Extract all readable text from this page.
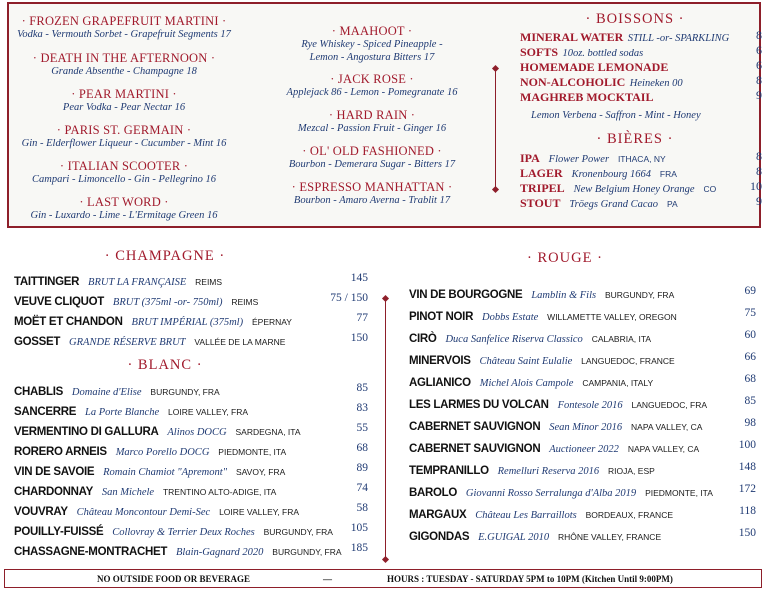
· FROZEN GRAPEFRUIT MARTINI ·
Vodka - Vermouth Sorbet - Grapefruit Segments 17
· DEATH IN THE AFTERNOON ·
Grande Absenthe - Champagne 18
· PEAR MARTINI ·
Pear Vodka - Pear Nectar 16
· PARIS ST. GERMAIN ·
Gin - Elderflower Liqueur - Cucumber - Mint 16
· ITALIAN SCOOTER ·
Campari - Limoncello - Gin - Pellegrino 16
· LAST WORD ·
Gin - Luxardo - Lime - L'Ermitage Green 16
· MAAHOOT ·
Rye Whiskey - Spiced Pineapple -
Lemon - Angostura Bitters 17
· JACK ROSE ·
Applejack 86 - Lemon - Pomegranate 16
· HARD RAIN ·
Mezcal - Passion Fruit - Ginger 16
· OL' OLD FASHIONED ·
Bourbon - Demerara Sugar - Bitters 17
· ESPRESSO MANHATTAN ·
Bourbon - Amaro Averna - Trablit 17
· BOISSONS ·
MINERAL WATER STILL -or- SPARKLING 8
SOFTS 10oz. bottled sodas	6
HOMEMADE LEMONADE	6
NON-ALCOHOLIC Heineken 00	8
MAGHREB MOCKTAIL	9
Lemon Verbena - Saffron - Mint - Honey
· BIÈRES ·
IPA Flower Power ITHACA, NY	8
LAGER Kronenbourg 1664 FRA	8
TRIPEL New Belgium Honey Orange CO	10
STOUT Tröegs Grand Cacao PA	9
· CHAMPAGNE ·
TAITTINGER BRUT LA FRANÇAISE REIMS	145
VEUVE CLIQUOT BRUT (375ml -or- 750ml) REIMS	75 / 150
MOËT ET CHANDON BRUT IMPÉRIAL (375ml) ÉPERNAY	77
GOSSET GRANDE RÉSERVE BRUT VALLÉE DE LA MARNE	150
· BLANC ·
CHABLIS Domaine d'Elise BURGUNDY, FRA	85
SANCERRE La Porte Blanche LOIRE VALLEY, FRA	83
VERMENTINO DI GALLURA Alinos DOCG SARDEGNA, ITA	55
RORERO ARNEIS Marco Porello DOCG PIEDMONTE, ITA	68
VIN DE SAVOIE Romain Chamiot "Apremont" SAVOY, FRA	89
CHARDONNAY San Michele TRENTINO ALTO-ADIGE, ITA	74
VOUVRAY Château Moncontour Demi-Sec LOIRE VALLEY, FRA	58
POUILLY-FUISSÉ Collovray & Terrier Deux Roches BURGUNDY, FRA 105
CHASSAGNE-MONTRACHET Blain-Gagnard 2020 BURGUNDY, FRA 185
· ROUGE ·
VIN DE BOURGOGNE Lamblin & Fils BURGUNDY, FRA	69
PINOT NOIR Dobbs Estate WILLAMETTE VALLEY, OREGON	75
CIRÒ Duca Sanfelice Riserva Classico CALABRIA, ITA	60
MINERVOIS Château Saint Eulalie LANGUEDOC, FRANCE	66
AGLIANICO Michel Alois Campole CAMPANIA, ITALY	68
LES LARMES DU VOLCAN Fontesole 2016 LANGUEDOC, FRA	85
CABERNET SAUVIGNON Sean Minor 2016 NAPA VALLEY, CA	98
CABERNET SAUVIGNON Auctioneer 2022 NAPA VALLEY, CA	100
TEMPRANILLO Remelluri Reserva 2016 RIOJA, ESP	148
BAROLO Giovanni Rosso Serralunga d'Alba 2019 PIEDMONTE, ITA 172
MARGAUX Château Les Barraillots BORDEAUX, FRANCE	118
GIGONDAS E.GUIGAL 2010 RHÔNE VALLEY, FRANCE	150
NO OUTSIDE FOOD OR BEVERAGE	—	HOURS : TUESDAY - SATURDAY 5PM to 10PM (Kitchen Until 9:00PM)
